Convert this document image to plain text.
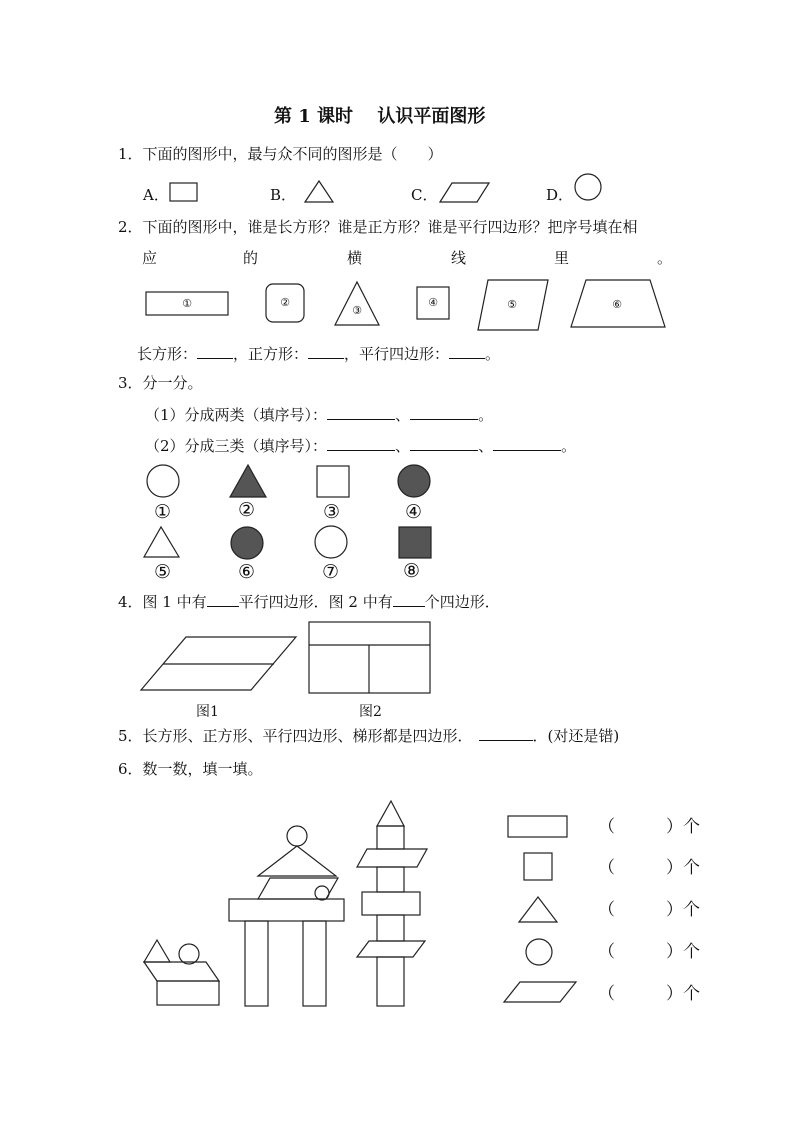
第 1 课时　 认识平面图形
1．下面的图形中，最与众不同的图形是（　　）
A．	B．	C．	D．
2．下面的图形中，谁是长方形？谁是正方形？谁是平行四边形？把序号填在相
应	的	横	线	里	。
长方形： ，正方形： ，平行四边形： 。
3．分一分。
（1）分成两类（填序号）：	、	。
（2）分成三类（填序号）：	、	、	。
①	②	③	④
⑤	⑥	⑦	⑧
4．图 1 中有 平行四边形．图 2 中有 个四边形．
图1	图2
5．长方形、正方形、平行四边形、梯形都是四边形．	．(对还是错)
6．数一数，填一填。
（　　　）个
（　　　）个
（　　　）个
（　　　）个
（　　　）个
①	②
③
④	⑤	⑥
